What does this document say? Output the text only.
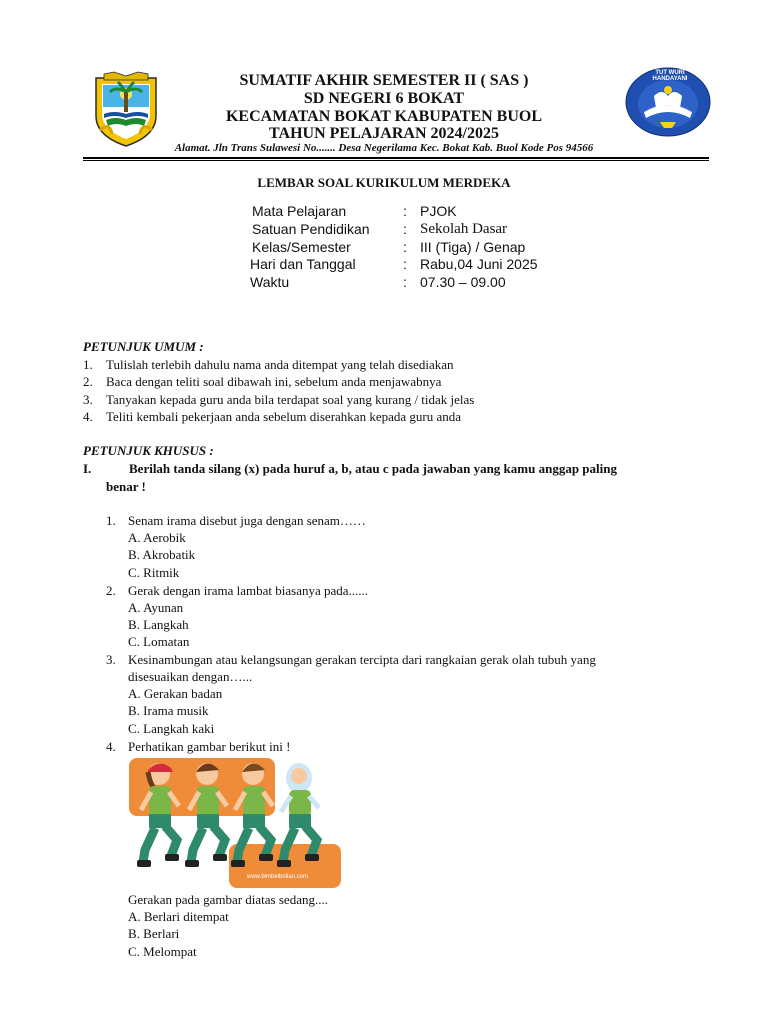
SUMATIF AKHIR SEMESTER II ( SAS )
SD NEGERI 6 BOKAT
KECAMATAN BOKAT KABUPATEN BUOL
TAHUN PELAJARAN 2024/2025
Alamat. Jln Trans Sulawesi No....... Desa Negerilama Kec. Bokat Kab. Buol Kode Pos 94566
TUT WURI HANDAYANI
LEMBAR SOAL KURIKULUM MERDEKA
Mata Pelajaran	: PJOK
Satuan Pendidikan : Sekolah Dasar
Kelas/Semester	: III (Tiga) / Genap
Hari dan Tanggal	: Rabu,04 Juni 2025
Waktu	: 07.30 – 09.00
PETUNJUK UMUM :
1. Tulislah terlebih dahulu nama anda ditempat yang telah disediakan
2. Baca dengan teliti soal dibawah ini, sebelum anda menjawabnya
3. Tanyakan kepada guru anda bila terdapat soal yang kurang / tidak jelas
4. Teliti kembali pekerjaan anda sebelum diserahkan kepada guru anda
PETUNJUK KHUSUS :
I.	Berilah tanda silang (x) pada huruf a, b, atau c pada jawaban yang kamu anggap paling
benar !
1. Senam irama disebut juga dengan senam……
A. Aerobik
B. Akrobatik
C. Ritmik
2. Gerak dengan irama lambat biasanya pada......
A. Ayunan
B. Langkah
C. Lomatan
3. Kesinambungan atau kelangsungan gerakan tercipta dari rangkaian gerak olah tubuh yang
disesuaikan dengan…...
A. Gerakan badan
B. Irama musik
C. Langkah kaki
4. Perhatikan gambar berikut ini !
www.bimbelbrilian.com
Gerakan pada gambar diatas sedang....
A. Berlari ditempat
B. Berlari
C. Melompat
